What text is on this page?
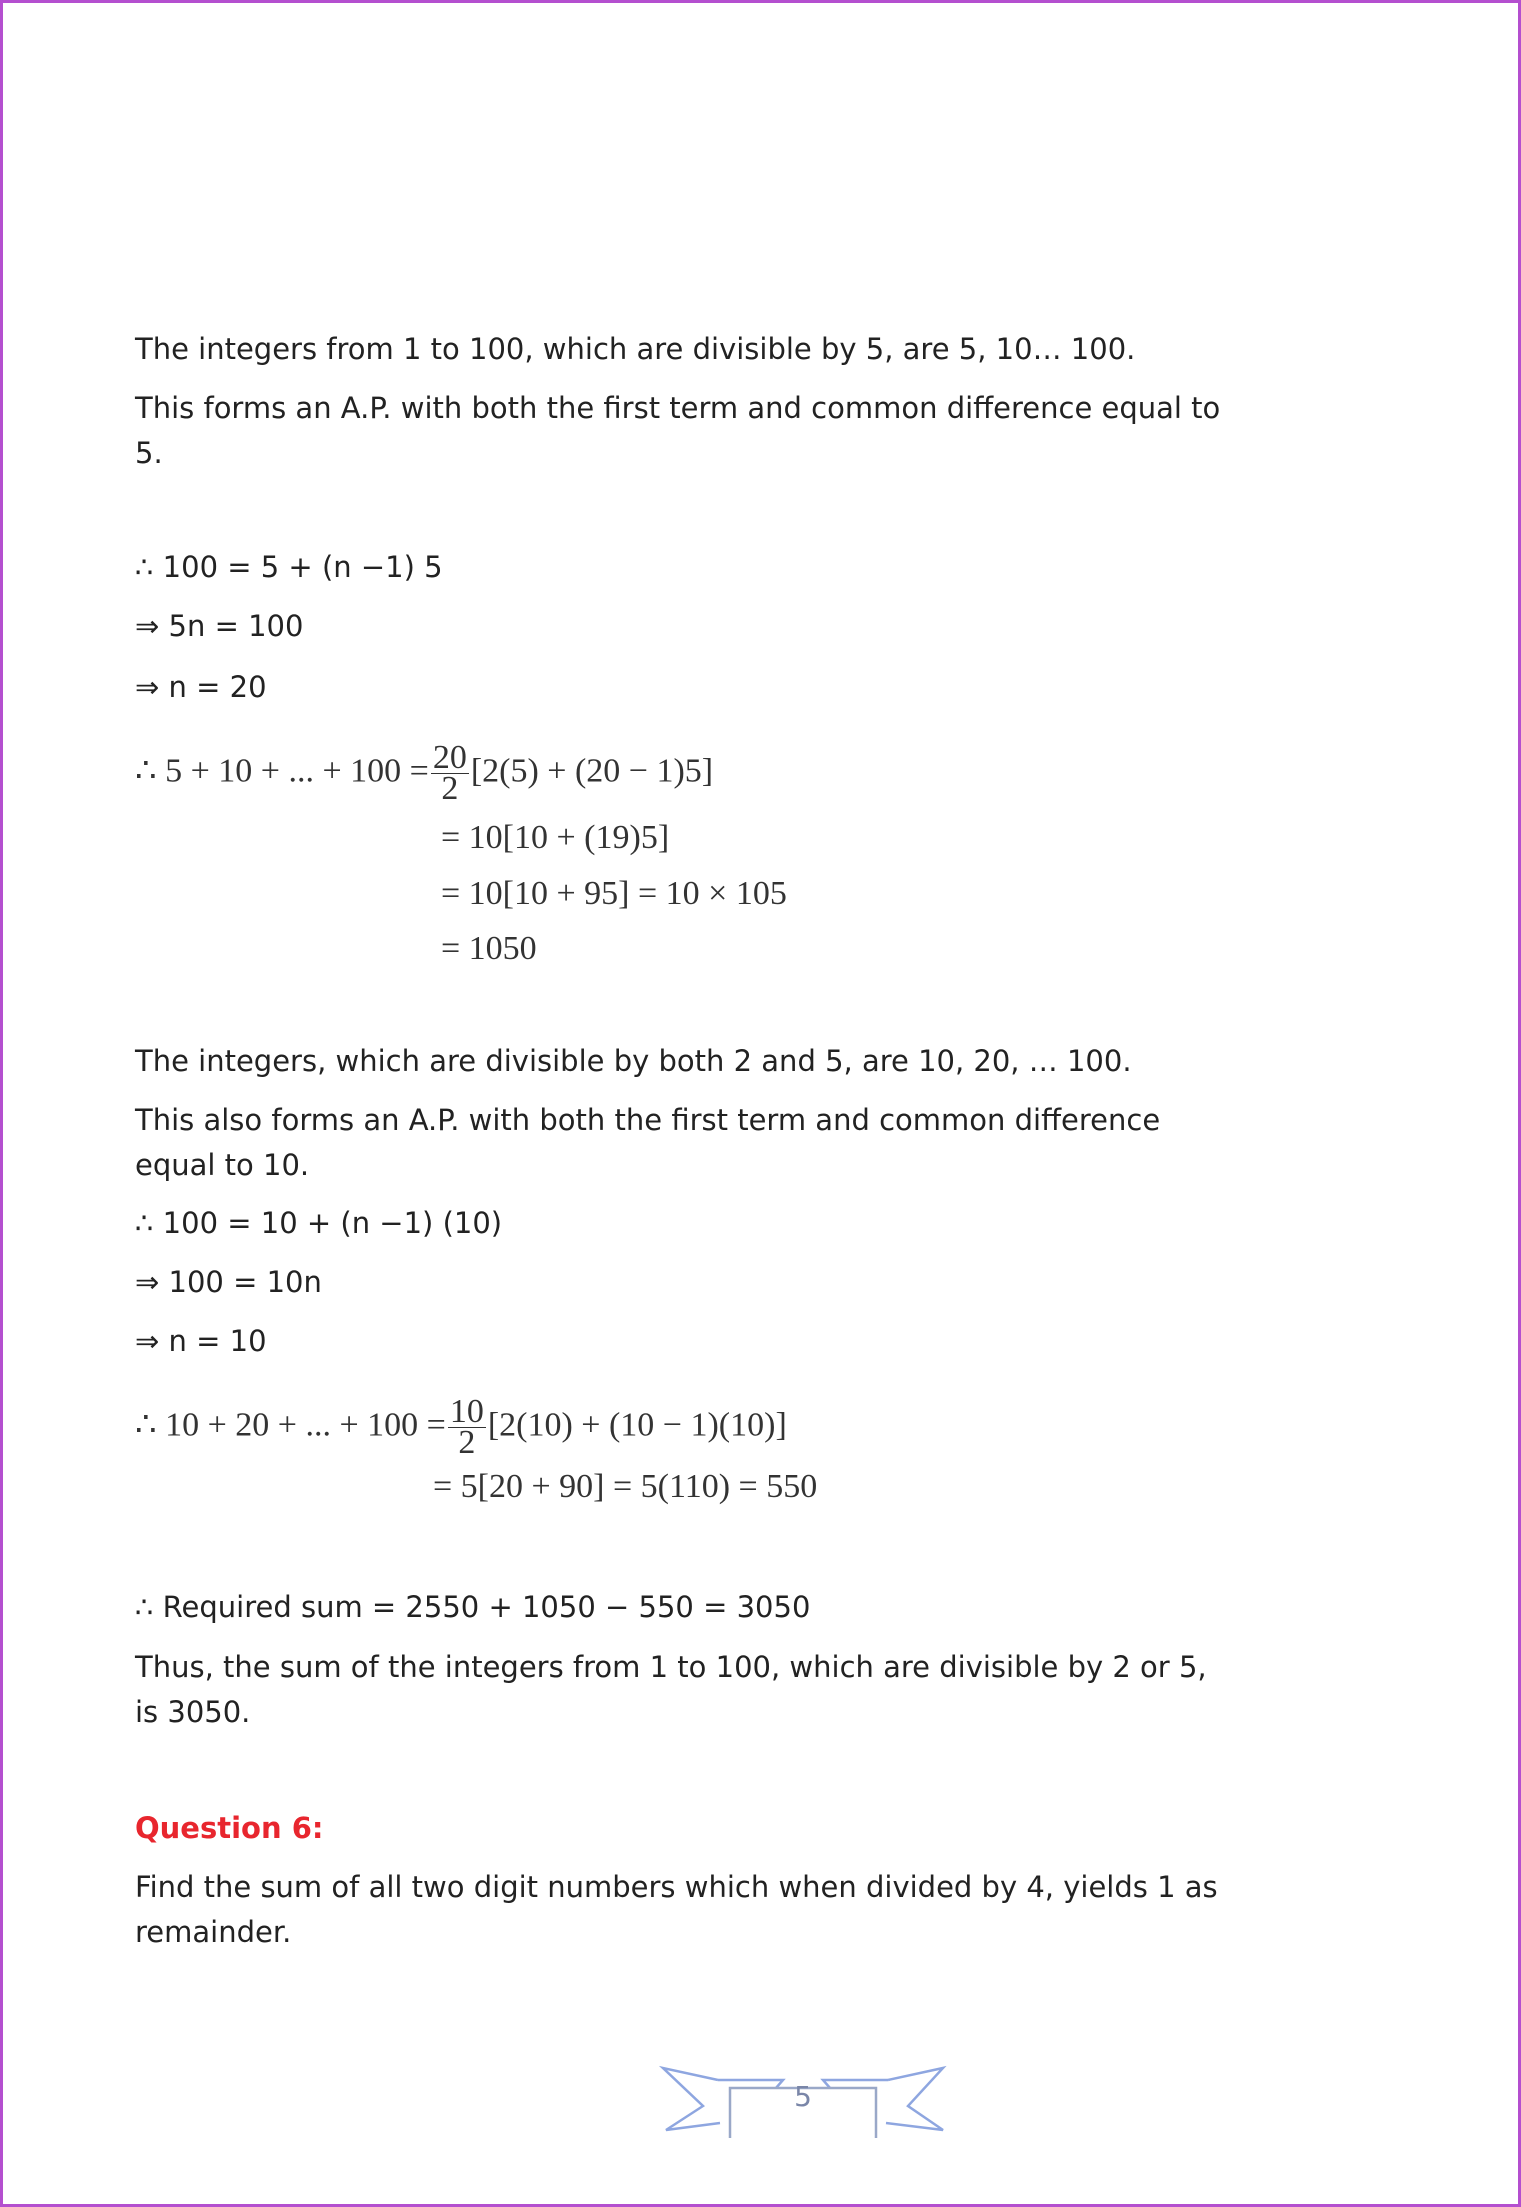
The integers from 1 to 100, which are divisible by 5, are 5, 10… 100.
This forms an A.P. with both the first term and common difference equal to
5.
∴ 100 = 5 + (n −1) 5
⇒ 5n = 100
⇒ n = 20
∴ 5 + 10 + ... + $100 = \frac{20}{2} [2(5) + (20 - 1)5]$
= 10[10 + (19)5]
= 10[10 + 95] = 10 × 105
= 1050
The integers, which are divisible by both 2 and 5, are 10, 20, … 100.
This also forms an A.P. with both the first term and common difference
equal to 10.
∴ 100 = 10 + (n −1) (10)
⇒ 100 = 10n
⇒ n = 10
∴ 10 + 20 + ... + $100 = \frac{10}{2} [2(10) + (10 - 1)(10)]$
= 5[20 + 90] = 5(110) = 550
∴ Required sum = 2550 + 1050 − 550 = 3050
Thus, the sum of the integers from 1 to 100, which are divisible by 2 or 5,
is 3050.
Question 6:
Find the sum of all two digit numbers which when divided by 4, yields 1 as
remainder.
5
